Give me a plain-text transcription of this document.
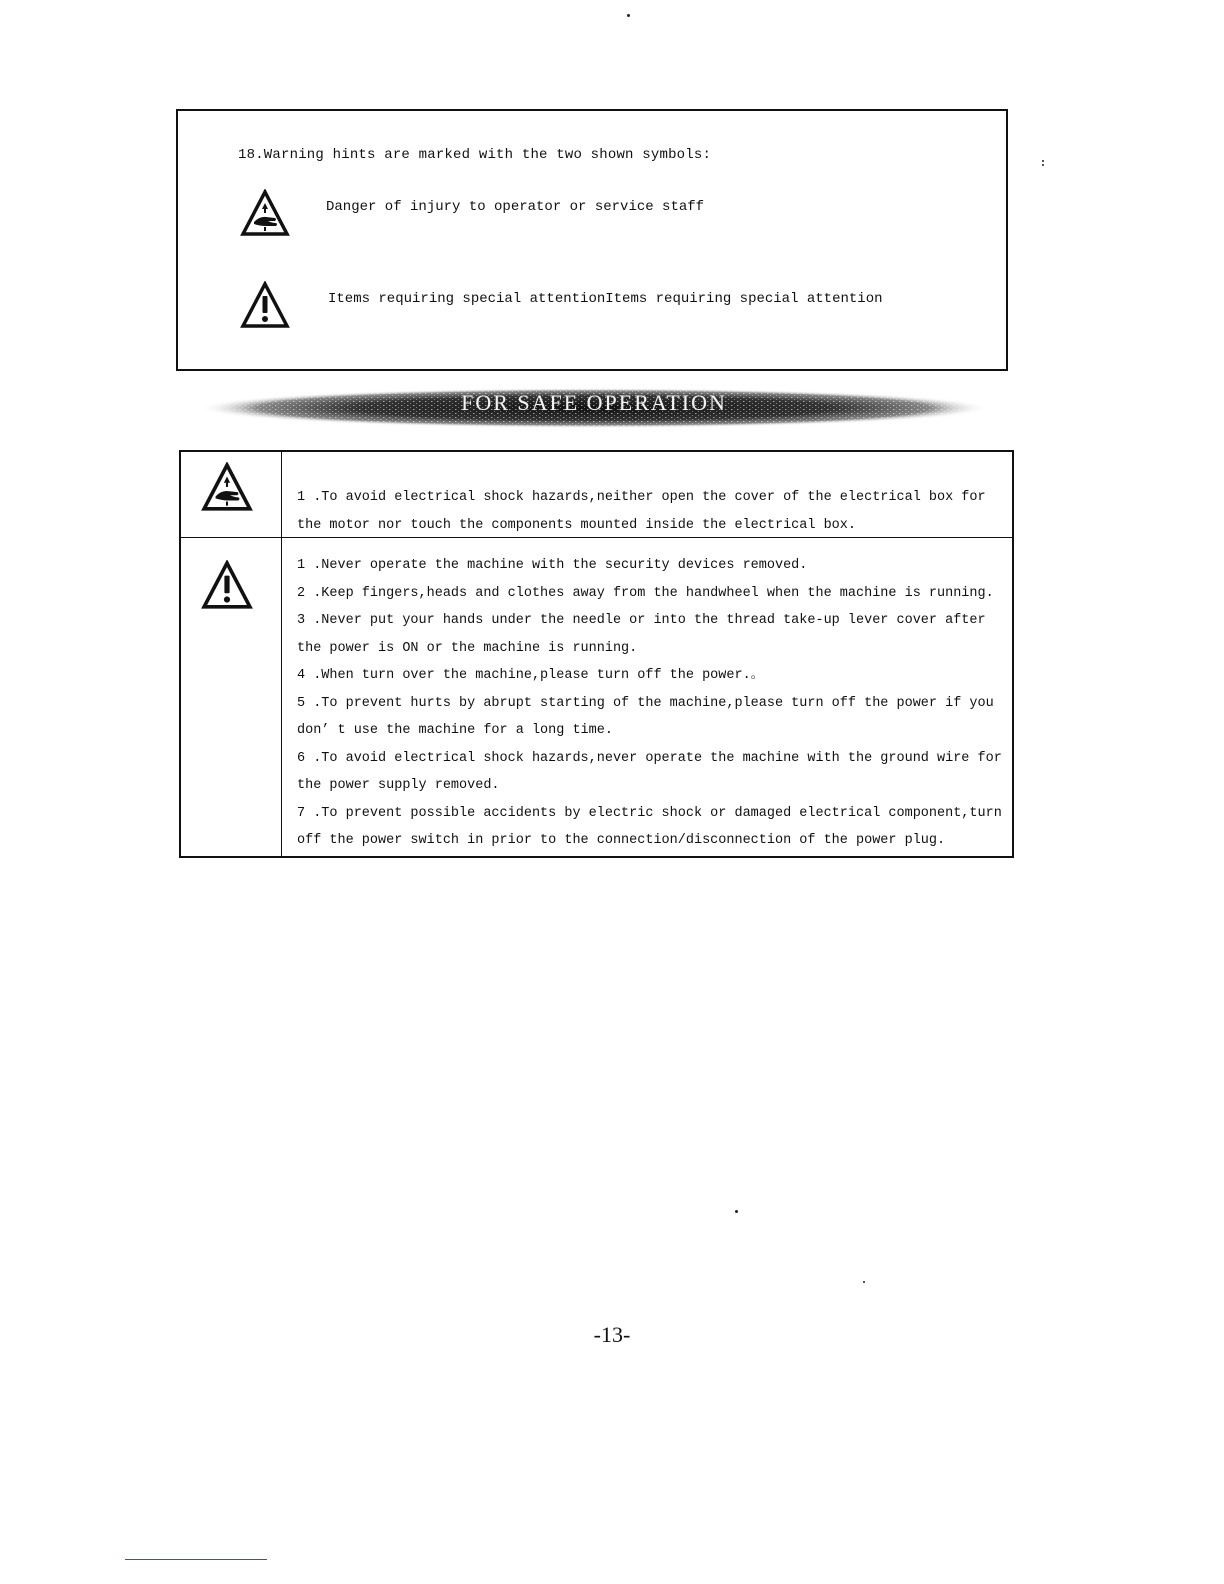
18.Warning hints are marked with the two shown symbols:
Danger of injury to operator or service staff
Items requiring special attentionItems requiring special attention
FOR SAFE OPERATION

1 .To avoid electrical shock hazards,neither open the cover of the electrical box for

the motor nor touch the components mounted inside the electrical box.

1 .Never operate the machine with the security devices removed.

2 .Keep fingers,heads and clothes away from the handwheel when the machine is running.

3 .Never put your hands under the needle or into the thread take-up lever cover after

the power is ON or the machine is running.

4 .When turn over the machine,please turn off the power.。

5 .To prevent hurts by abrupt starting of the machine,please turn off the power if you

don’ t use the machine for a long time.

6 .To avoid electrical shock hazards,never operate the machine with the ground wire for

the power supply removed.

7 .To prevent possible accidents by electric shock or damaged electrical component,turn

off the power switch in prior to the connection/disconnection of the power plug.

-13-
